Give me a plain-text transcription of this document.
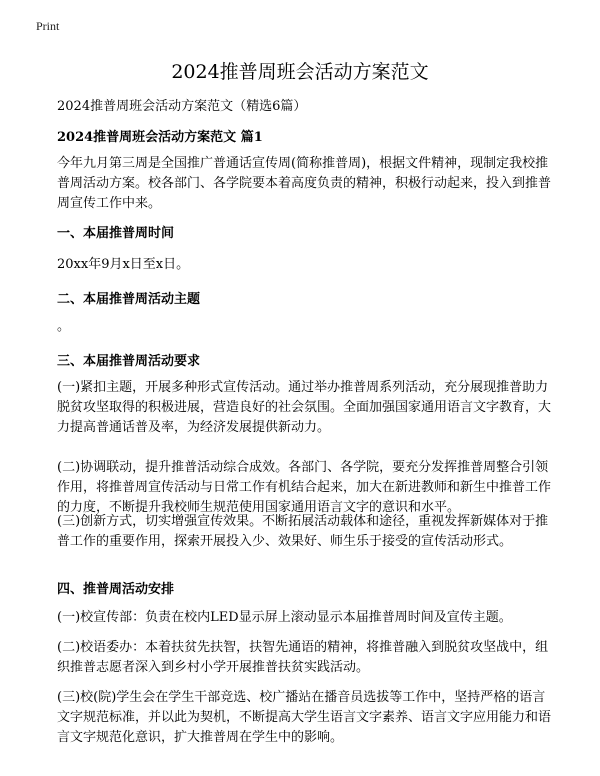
Print
2024推普周班会活动方案范文
2024推普周班会活动方案范文（精选6篇）
2024推普周班会活动方案范文 篇1

今年九月第三周是全国推广普通话宣传周(简称推普周)，根据文件精神，现制定我校推普周活动方案。校各部门、各学院要本着高度负责的精神，积极行动起来，投入到推普周宣传工作中来。

一、本届推普周时间

20xx年9月x日至x日。

二、本届推普周活动主题

。

三、本届推普周活动要求

(一)紧扣主题，开展多种形式宣传活动。通过举办推普周系列活动，充分展现推普助力脱贫攻坚取得的积极进展，营造良好的社会氛围。全面加强国家通用语言文字教育，大力提高普通话普及率，为经济发展提供新动力。

(二)协调联动，提升推普活动综合成效。各部门、各学院，要充分发挥推普周整合引领作用，将推普周宣传活动与日常工作有机结合起来，加大在新进教师和新生中推普工作的力度，不断提升我校师生规范使用国家通用语言文字的意识和水平。

(三)创新方式，切实增强宣传效果。不断拓展活动载体和途径，重视发挥新媒体对于推普工作的重要作用，探索开展投入少、效果好、师生乐于接受的宣传活动形式。

四、推普周活动安排

(一)校宣传部：负责在校内LED显示屏上滚动显示本届推普周时间及宣传主题。

(二)校语委办：本着扶贫先扶智，扶智先通语的精神，将推普融入到脱贫攻坚战中，组织推普志愿者深入到乡村小学开展推普扶贫实践活动。

(三)校(院)学生会在学生干部竞选、校广播站在播音员选拔等工作中，坚持严格的语言文字规范标准，并以此为契机，不断提高大学生语言文字素养、语言文字应用能力和语言文字规范化意识，扩大推普周在学生中的影响。
